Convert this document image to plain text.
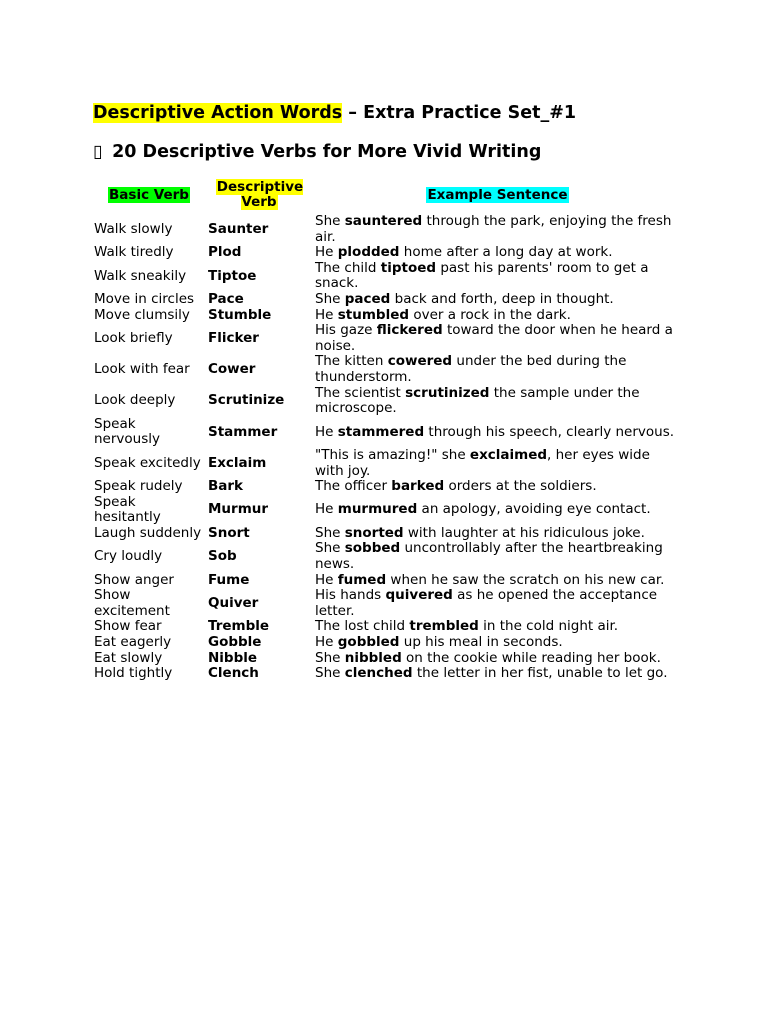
Descriptive Action Words – Extra Practice Set_#1
▯ 20 Descriptive Verbs for More Vivid Writing
Basic Verb	Descriptive Verb	Example Sentence
Walk slowly	Saunter	She sauntered through the park, enjoying the fresh air.
Walk tiredly	Plod	He plodded home after a long day at work.
Walk sneakily	Tiptoe	The child tiptoed past his parents' room to get a snack.
Move in circles	Pace	She paced back and forth, deep in thought.
Move clumsily	Stumble	He stumbled over a rock in the dark.
Look briefly	Flicker	His gaze flickered toward the door when he heard a noise.
Look with fear	Cower	The kitten cowered under the bed during the thunderstorm.
Look deeply	Scrutinize	The scientist scrutinized the sample under the microscope.
Speak nervously	Stammer	He stammered through his speech, clearly nervous.
Speak excitedly	Exclaim	"This is amazing!" she exclaimed, her eyes wide with joy.
Speak rudely	Bark	The officer barked orders at the soldiers.
Speak hesitantly	Murmur	He murmured an apology, avoiding eye contact.
Laugh suddenly	Snort	She snorted with laughter at his ridiculous joke.
Cry loudly	Sob	She sobbed uncontrollably after the heartbreaking news.
Show anger	Fume	He fumed when he saw the scratch on his new car.
Show excitement	Quiver	His hands quivered as he opened the acceptance letter.
Show fear	Tremble	The lost child trembled in the cold night air.
Eat eagerly	Gobble	He gobbled up his meal in seconds.
Eat slowly	Nibble	She nibbled on the cookie while reading her book.
Hold tightly	Clench	She clenched the letter in her fist, unable to let go.
